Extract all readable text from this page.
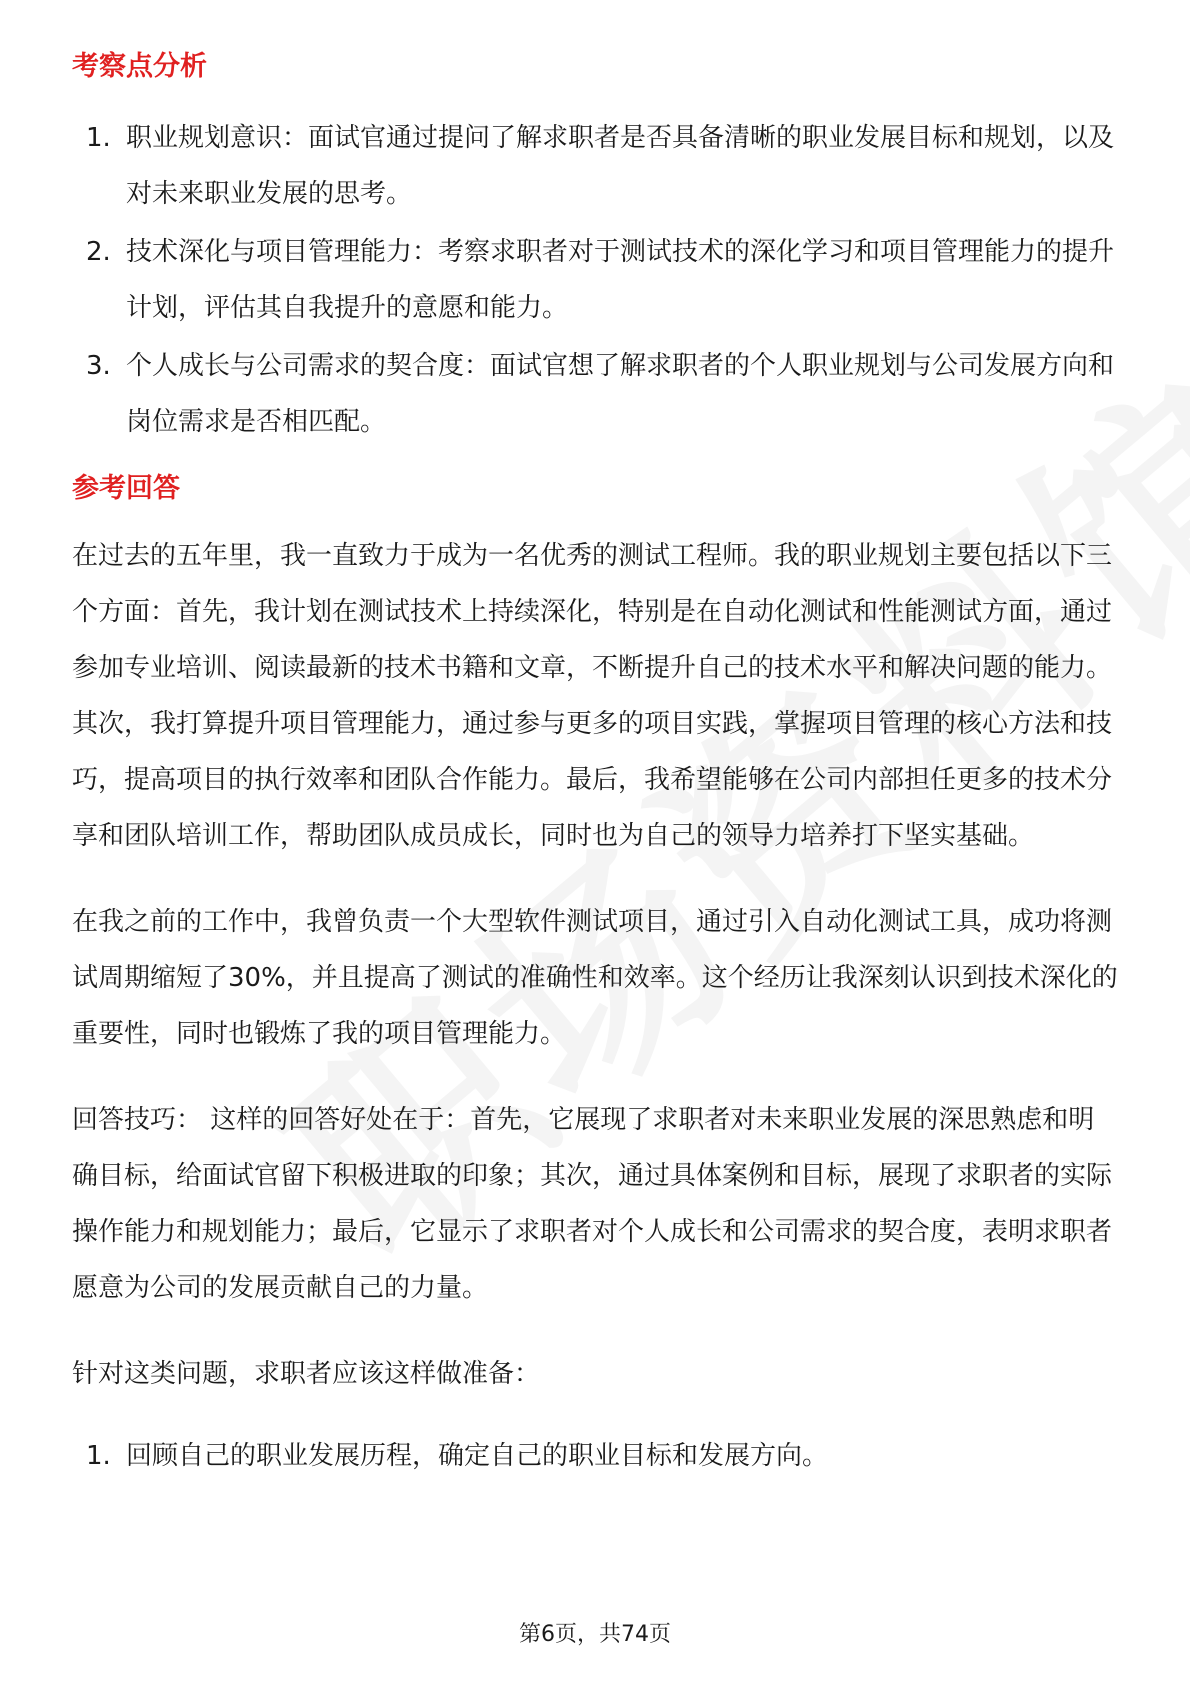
考察点分析
1. 职业规划意识：面试官通过提问了解求职者是否具备清晰的职业发展目标和规划，以及对未来职业发展的思考。
2. 技术深化与项目管理能力：考察求职者对于测试技术的深化学习和项目管理能力的提升计划，评估其自我提升的意愿和能力。
3. 个人成长与公司需求的契合度：面试官想了解求职者的个人职业规划与公司发展方向和岗位需求是否相匹配。
参考回答

在过去的五年里，我一直致力于成为一名优秀的测试工程师。我的职业规划主要包括以下三个方面：首先，我计划在测试技术上持续深化，特别是在自动化测试和性能测试方面，通过参加专业培训、阅读最新的技术书籍和文章，不断提升自己的技术水平和解决问题的能力。其次，我打算提升项目管理能力，通过参与更多的项目实践，掌握项目管理的核心方法和技巧，提高项目的执行效率和团队合作能力。最后，我希望能够在公司内部担任更多的技术分享和团队培训工作，帮助团队成员成长，同时也为自己的领导力培养打下坚实基础。

在我之前的工作中，我曾负责一个大型软件测试项目，通过引入自动化测试工具，成功将测试周期缩短了30%，并且提高了测试的准确性和效率。这个经历让我深刻认识到技术深化的重要性，同时也锻炼了我的项目管理能力。

回答技巧： 这样的回答好处在于：首先，它展现了求职者对未来职业发展的深思熟虑和明确目标，给面试官留下积极进取的印象；其次，通过具体案例和目标，展现了求职者的实际操作能力和规划能力；最后，它显示了求职者对个人成长和公司需求的契合度，表明求职者愿意为公司的发展贡献自己的力量。

针对这类问题，求职者应该这样做准备：

1. 回顾自己的职业发展历程，确定自己的职业目标和发展方向。
第6页，共74页
